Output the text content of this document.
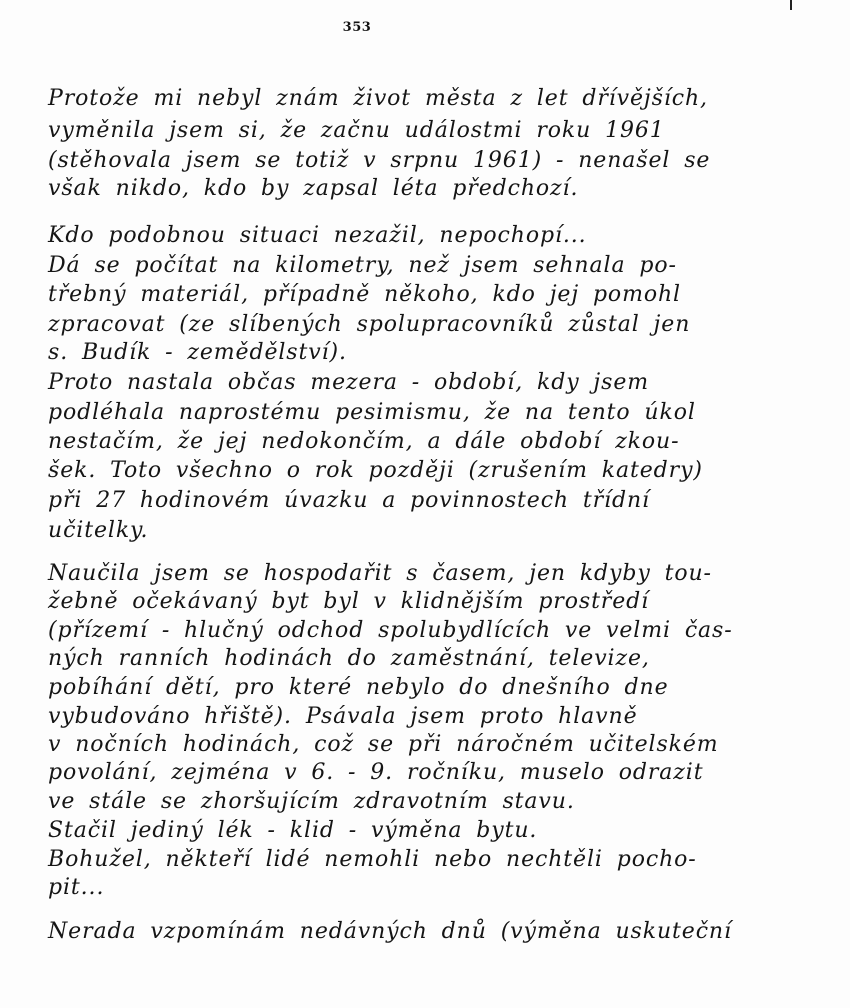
353
Protože mi nebyl znám život města z let dřívějších,
vyměnila jsem si, že začnu událostmi roku 1961
(stěhovala jsem se totiž v srpnu 1961) - nenašel se
však nikdo, kdo by zapsal léta předchozí.
Kdo podobnou situaci nezažil, nepochopí...
Dá se počítat na kilometry, než jsem sehnala po-
třebný materiál, případně někoho, kdo jej pomohl
zpracovat (ze slíbených spolupracovníků zůstal jen
s. Budík - zemědělství).
Proto nastala občas mezera - období, kdy jsem
podléhala naprostému pesimismu, že na tento úkol
nestačím, že jej nedokončím, a dále období zkou-
šek. Toto všechno o rok později (zrušením katedry)
při 27 hodinovém úvazku a povinnostech třídní
učitelky.
Naučila jsem se hospodařit s časem, jen kdyby tou-
žebně očekávaný byt byl v klidnějším prostředí
(přízemí - hlučný odchod spolubydlících ve velmi čas-
ných ranních hodinách do zaměstnání, televize,
pobíhání dětí, pro které nebylo do dnešního dne
vybudováno hřiště). Psávala jsem proto hlavně
v nočních hodinách, což se při náročném učitelském
povolání, zejména v 6. - 9. ročníku, muselo odrazit
ve stále se zhoršujícím zdravotním stavu.
Stačil jediný lék - klid - výměna bytu.
Bohužel, někteří lidé nemohli nebo nechtěli pocho-
pit...
Nerada vzpomínám nedávných dnů (výměna uskuteční
